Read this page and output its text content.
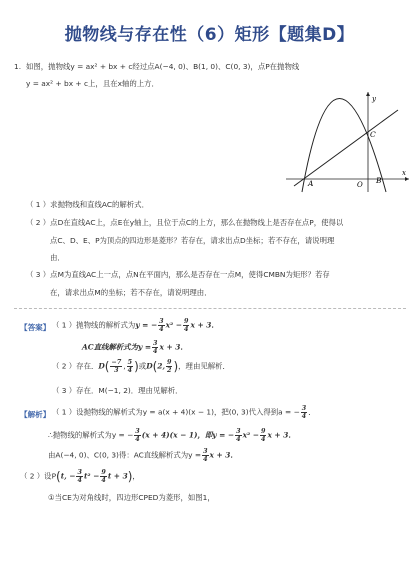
抛物线与存在性（6）矩形【题集D】
1. 如图，抛物线y = ax² + bx + c经过点A(−4, 0)、B(1, 0)、C(0, 3)，点P在抛物线
y = ax² + bx + c上，且在x轴的上方．
y
x
C
A	O B
（ 1 ）求抛物线和直线AC的解析式．
（ 2 ）点D在直线AC上，点E在y轴上，且位于点C的上方，那么在抛物线上是否存在点P，使得以
点C、D、E、P为顶点的四边形是菱形？若存在，请求出点D坐标；若不存在，请说明理
由．
（ 3 ）点M为直线AC上一点，点N在平面内，那么是否存在一点M，使得CMBN为矩形？若存
在，请求出点M的坐标；若不存在，请说明理由．
【答案】 （ 1 ）抛物线的解析式为y = − $\frac{3}{4} x^2 - \frac{9}{4}$ x + 3．
AC直线解析式为$y = \frac{3}{4}$ x + 3．
（ 2 ）存在．$D( \frac{-7}{3}$ , $\frac{5}{4}$ )或D(2, $\frac{9}{2}$ )，理由见解析．
（ 3 ）存在．M(−1, 2)．理由见解析．
【解析】 （ 1 ）设抛物线的解析式为y = a(x + 4)(x − 1)，把(0, 3)代入得到a = − $\frac{3}{4}$ ．
∴抛物线的解析式为y = − $\frac{3}{4} (x + 4)(x - 1)$，即y = − $\frac{3}{4} x^2 - \frac{9}{4}$ x + 3．
由A(−4, 0)、C(0, 3)得：AC直线解析式为$y = \frac{3}{4}$ x + 3．
（ 2 ）设P(t, − $\frac{3}{4} t^2 - \frac{9}{4}$ t + 3)，
①当CE为对角线时，四边形CPED为菱形，如图1，
